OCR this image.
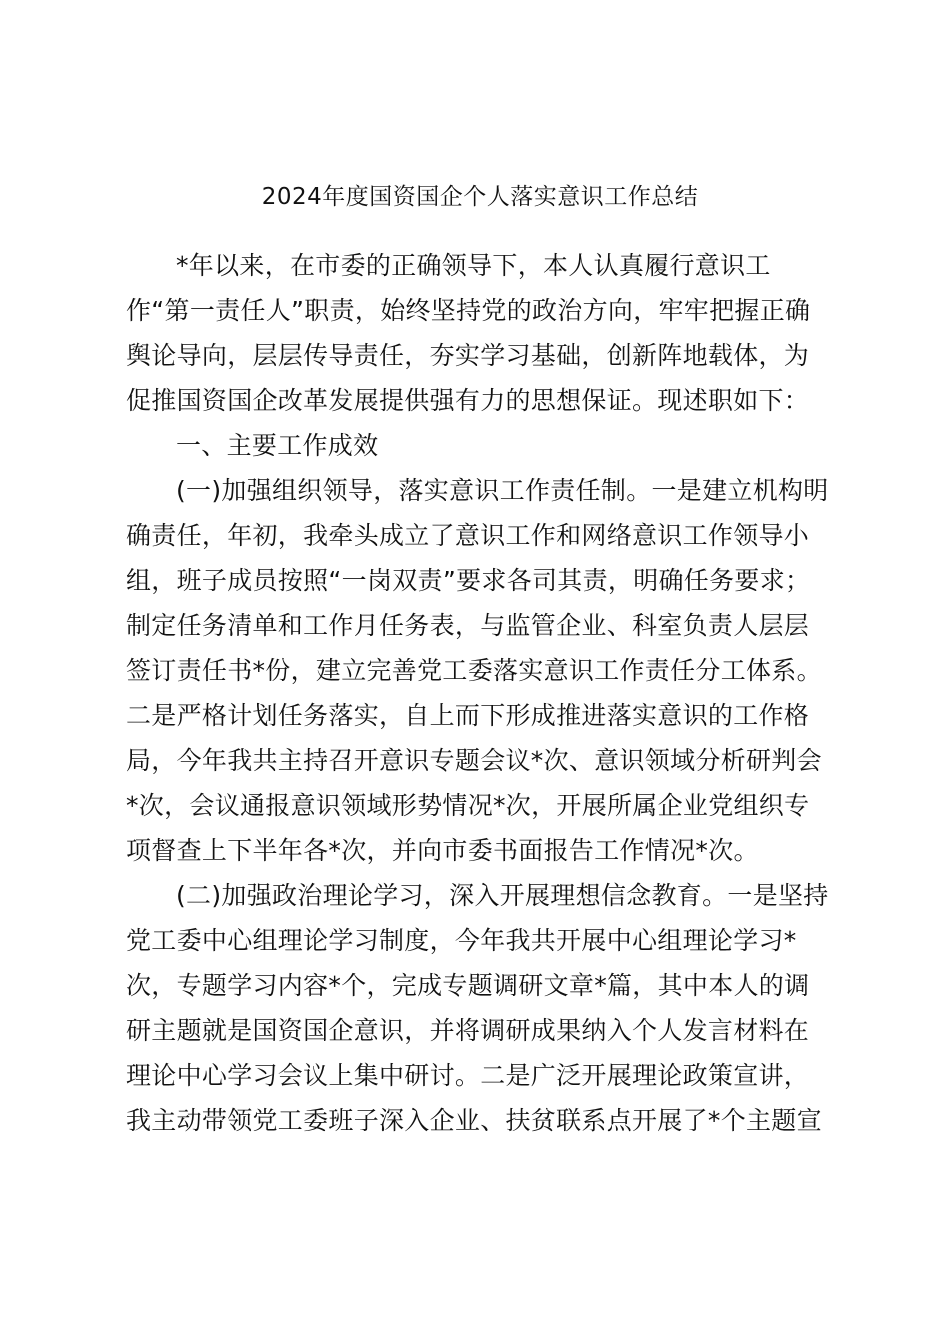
2024年度国资国企个人落实意识工作总结
*年以来，在市委的正确领导下，本人认真履行意识工
作“第一责任人”职责，始终坚持党的政治方向，牢牢把握正确
舆论导向，层层传导责任，夯实学习基础，创新阵地载体，为
促推国资国企改革发展提供强有力的思想保证。现述职如下：
一、主要工作成效
(一)加强组织领导，落实意识工作责任制。一是建立机构明
确责任，年初，我牵头成立了意识工作和网络意识工作领导小
组，班子成员按照“一岗双责”要求各司其责，明确任务要求；
制定任务清单和工作月任务表，与监管企业、科室负责人层层
签订责任书*份，建立完善党工委落实意识工作责任分工体系。
二是严格计划任务落实，自上而下形成推进落实意识的工作格
局，今年我共主持召开意识专题会议*次、意识领域分析研判会
*次，会议通报意识领域形势情况*次，开展所属企业党组织专
项督查上下半年各*次，并向市委书面报告工作情况*次。
(二)加强政治理论学习，深入开展理想信念教育。一是坚持
党工委中心组理论学习制度，今年我共开展中心组理论学习*
次，专题学习内容*个，完成专题调研文章*篇，其中本人的调
研主题就是国资国企意识，并将调研成果纳入个人发言材料在
理论中心学习会议上集中研讨。二是广泛开展理论政策宣讲，
我主动带领党工委班子深入企业、扶贫联系点开展了*个主题宣
